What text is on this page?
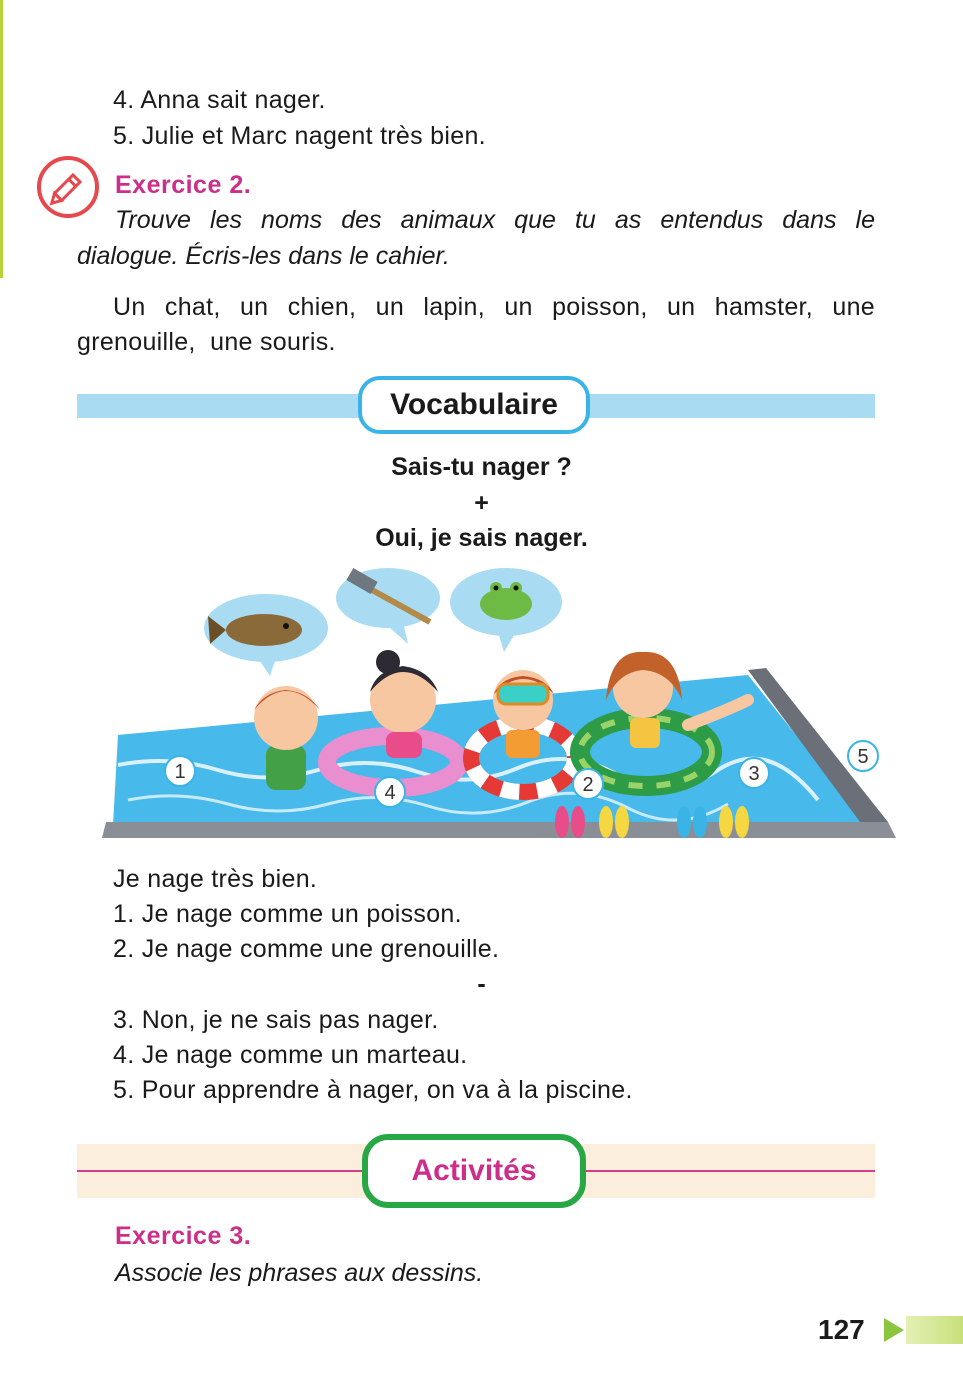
4. Anna sait nager.
5. Julie et Marc nagent très bien.
Exercice 2.
Trouve les noms des animaux que tu as entendus dans le
dialogue. Écris-les dans le cahier.
Un chat, un chien, un lapin, un poisson, un hamster, une
grenouille,  une souris.
Vocabulaire
Sais-tu nager ?
+
Oui, je sais nager.
1
4	2	3
5
Je nage très bien.
1. Je nage comme un poisson.
2. Je nage comme une grenouille.
-
3. Non, je ne sais pas nager.
4. Je nage comme un marteau.
5. Pour apprendre à nager, on va à la piscine.
Activités
Exercice 3.
Associe les phrases aux dessins.
127
